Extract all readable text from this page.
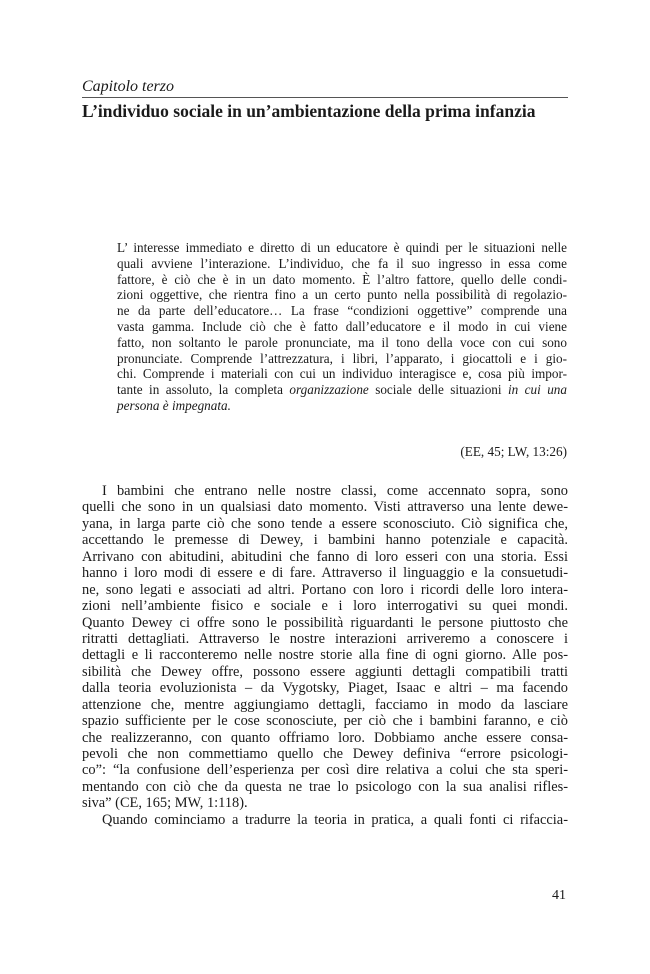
Capitolo terzo
L’individuo sociale in un’ambientazione della prima infanzia
L’ interesse immediato e diretto di un educatore è quindi per le situazioni nelle
quali avviene l’interazione. L’individuo, che fa il suo ingresso in essa come
fattore, è ciò che è in un dato momento. È l’altro fattore, quello delle condi-
zioni oggettive, che rientra fino a un certo punto nella possibilità di regolazio-
ne da parte dell’educatore… La frase “condizioni oggettive” comprende una
vasta gamma. Include ciò che è fatto dall’educatore e il modo in cui viene
fatto, non soltanto le parole pronunciate, ma il tono della voce con cui sono
pronunciate. Comprende l’attrezzatura, i libri, l’apparato, i giocattoli e i gio-
chi. Comprende i materiali con cui un individuo interagisce e, cosa più impor-
tante in assoluto, la completa organizzazione sociale delle situazioni in cui una
persona è impegnata.
(EE, 45; LW, 13:26)
I bambini che entrano nelle nostre classi, come accennato sopra, sono
quelli che sono in un qualsiasi dato momento. Visti attraverso una lente dewe-
yana, in larga parte ciò che sono tende a essere sconosciuto. Ciò significa che,
accettando le premesse di Dewey, i bambini hanno potenziale e capacità.
Arrivano con abitudini, abitudini che fanno di loro esseri con una storia. Essi
hanno i loro modi di essere e di fare. Attraverso il linguaggio e la consuetudi-
ne, sono legati e associati ad altri. Portano con loro i ricordi delle loro intera-
zioni nell’ambiente fisico e sociale e i loro interrogativi su quei mondi.
Quanto Dewey ci offre sono le possibilità riguardanti le persone piuttosto che
ritratti dettagliati. Attraverso le nostre interazioni arriveremo a conoscere i
dettagli e li racconteremo nelle nostre storie alla fine di ogni giorno. Alle pos-
sibilità che Dewey offre, possono essere aggiunti dettagli compatibili tratti
dalla teoria evoluzionista – da Vygotsky, Piaget, Isaac e altri – ma facendo
attenzione che, mentre aggiungiamo dettagli, facciamo in modo da lasciare
spazio sufficiente per le cose sconosciute, per ciò che i bambini faranno, e ciò
che realizzeranno, con quanto offriamo loro. Dobbiamo anche essere consa-
pevoli che non commettiamo quello che Dewey definiva “errore psicologi-
co”: “la confusione dell’esperienza per così dire relativa a colui che sta speri-
mentando con ciò che da questa ne trae lo psicologo con la sua analisi rifles-
siva” (CE, 165; MW, 1:118).
Quando cominciamo a tradurre la teoria in pratica, a quali fonti ci rifaccia-
41
